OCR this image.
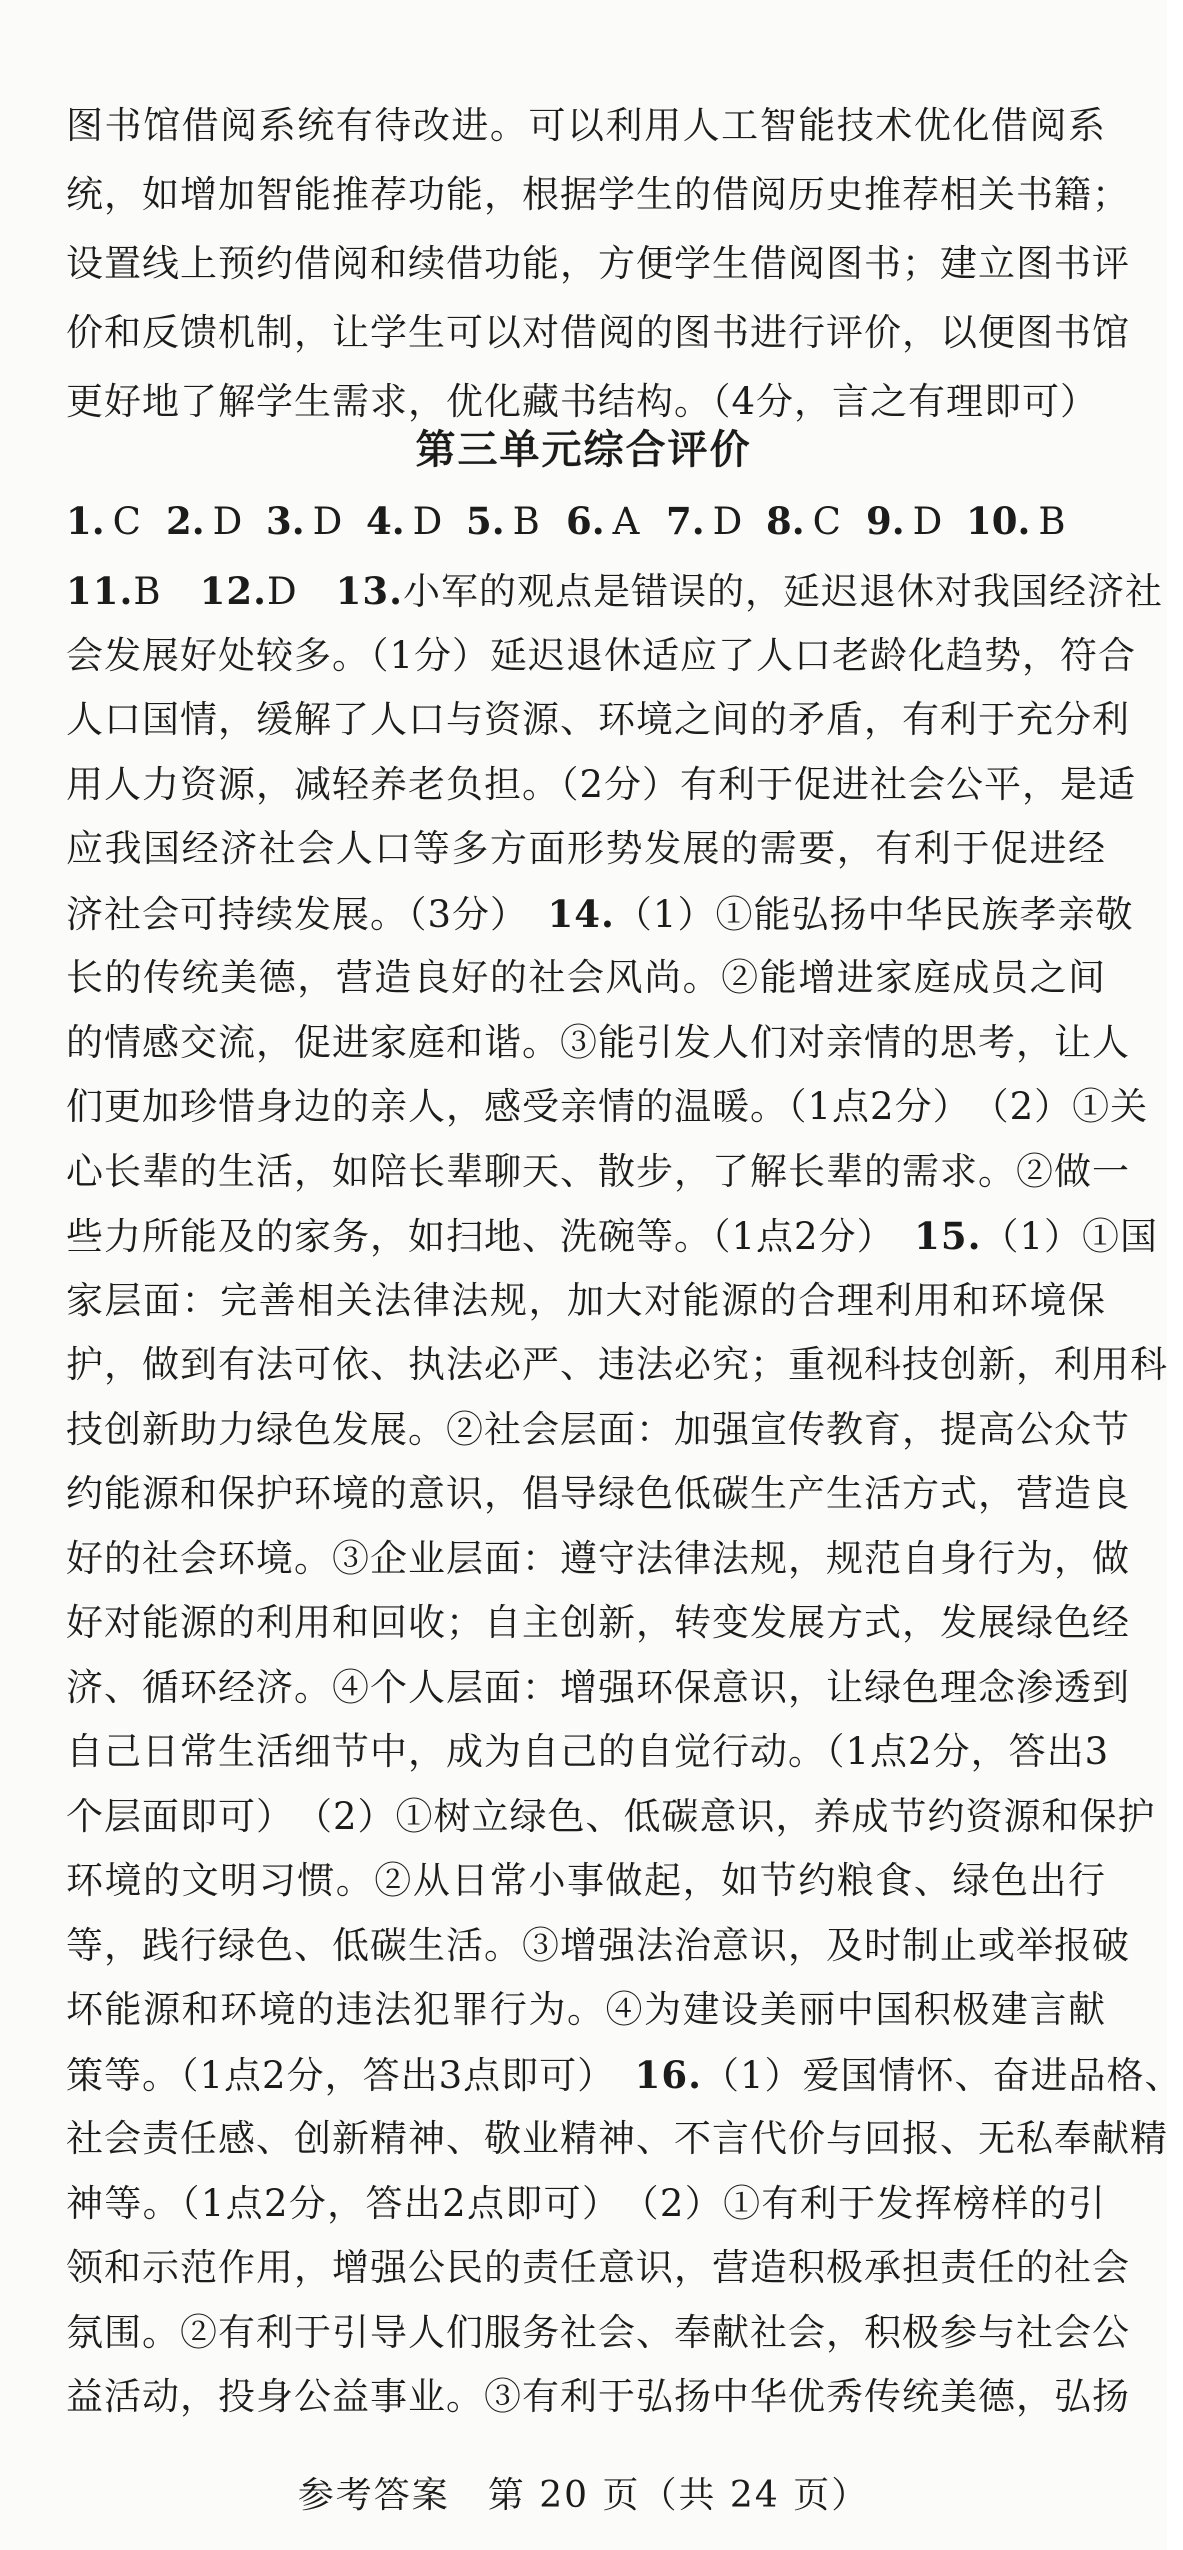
图书馆借阅系统有待改进。可以利用人工智能技术优化借阅系
统，如增加智能推荐功能，根据学生的借阅历史推荐相关书籍；
设置线上预约借阅和续借功能，方便学生借阅图书；建立图书评
价和反馈机制，让学生可以对借阅的图书进行评价，以便图书馆
更好地了解学生需求，优化藏书结构。（4分，言之有理即可）
第三单元综合评价
1. C 2. D 3. D 4. D 5. B 6. A 7. D 8. C 9. D 10. B
11.B　12.D　13.小军的观点是错误的，延迟退休对我国经济社
会发展好处较多。（1分）延迟退休适应了人口老龄化趋势，符合
人口国情，缓解了人口与资源、环境之间的矛盾，有利于充分利
用人力资源，减轻养老负担。（2分）有利于促进社会公平，是适
应我国经济社会人口等多方面形势发展的需要，有利于促进经
济社会可持续发展。（3分）　14.（1）①能弘扬中华民族孝亲敬
长的传统美德，营造良好的社会风尚。②能增进家庭成员之间
的情感交流，促进家庭和谐。③能引发人们对亲情的思考，让人
们更加珍惜身边的亲人，感受亲情的温暖。（1点2分）　（2）①关
心长辈的生活，如陪长辈聊天、散步，了解长辈的需求。②做一
些力所能及的家务，如扫地、洗碗等。（1点2分）　15.（1）①国
家层面：完善相关法律法规，加大对能源的合理利用和环境保
护，做到有法可依、执法必严、违法必究；重视科技创新，利用科
技创新助力绿色发展。②社会层面：加强宣传教育，提高公众节
约能源和保护环境的意识，倡导绿色低碳生产生活方式，营造良
好的社会环境。③企业层面：遵守法律法规，规范自身行为，做
好对能源的利用和回收；自主创新，转变发展方式，发展绿色经
济、循环经济。④个人层面：增强环保意识，让绿色理念渗透到
自己日常生活细节中，成为自己的自觉行动。（1点2分，答出3
个层面即可）　（2）①树立绿色、低碳意识，养成节约资源和保护
环境的文明习惯。②从日常小事做起，如节约粮食、绿色出行
等，践行绿色、低碳生活。③增强法治意识，及时制止或举报破
坏能源和环境的违法犯罪行为。④为建设美丽中国积极建言献
策等。（1点2分，答出3点即可）　16.（1）爱国情怀、奋进品格、
社会责任感、创新精神、敬业精神、不言代价与回报、无私奉献精
神等。（1点2分，答出2点即可）　（2）①有利于发挥榜样的引
领和示范作用，增强公民的责任意识，营造积极承担责任的社会
氛围。②有利于引导人们服务社会、奉献社会，积极参与社会公
益活动，投身公益事业。③有利于弘扬中华优秀传统美德，弘扬
参考答案　第 20 页（共 24 页）
